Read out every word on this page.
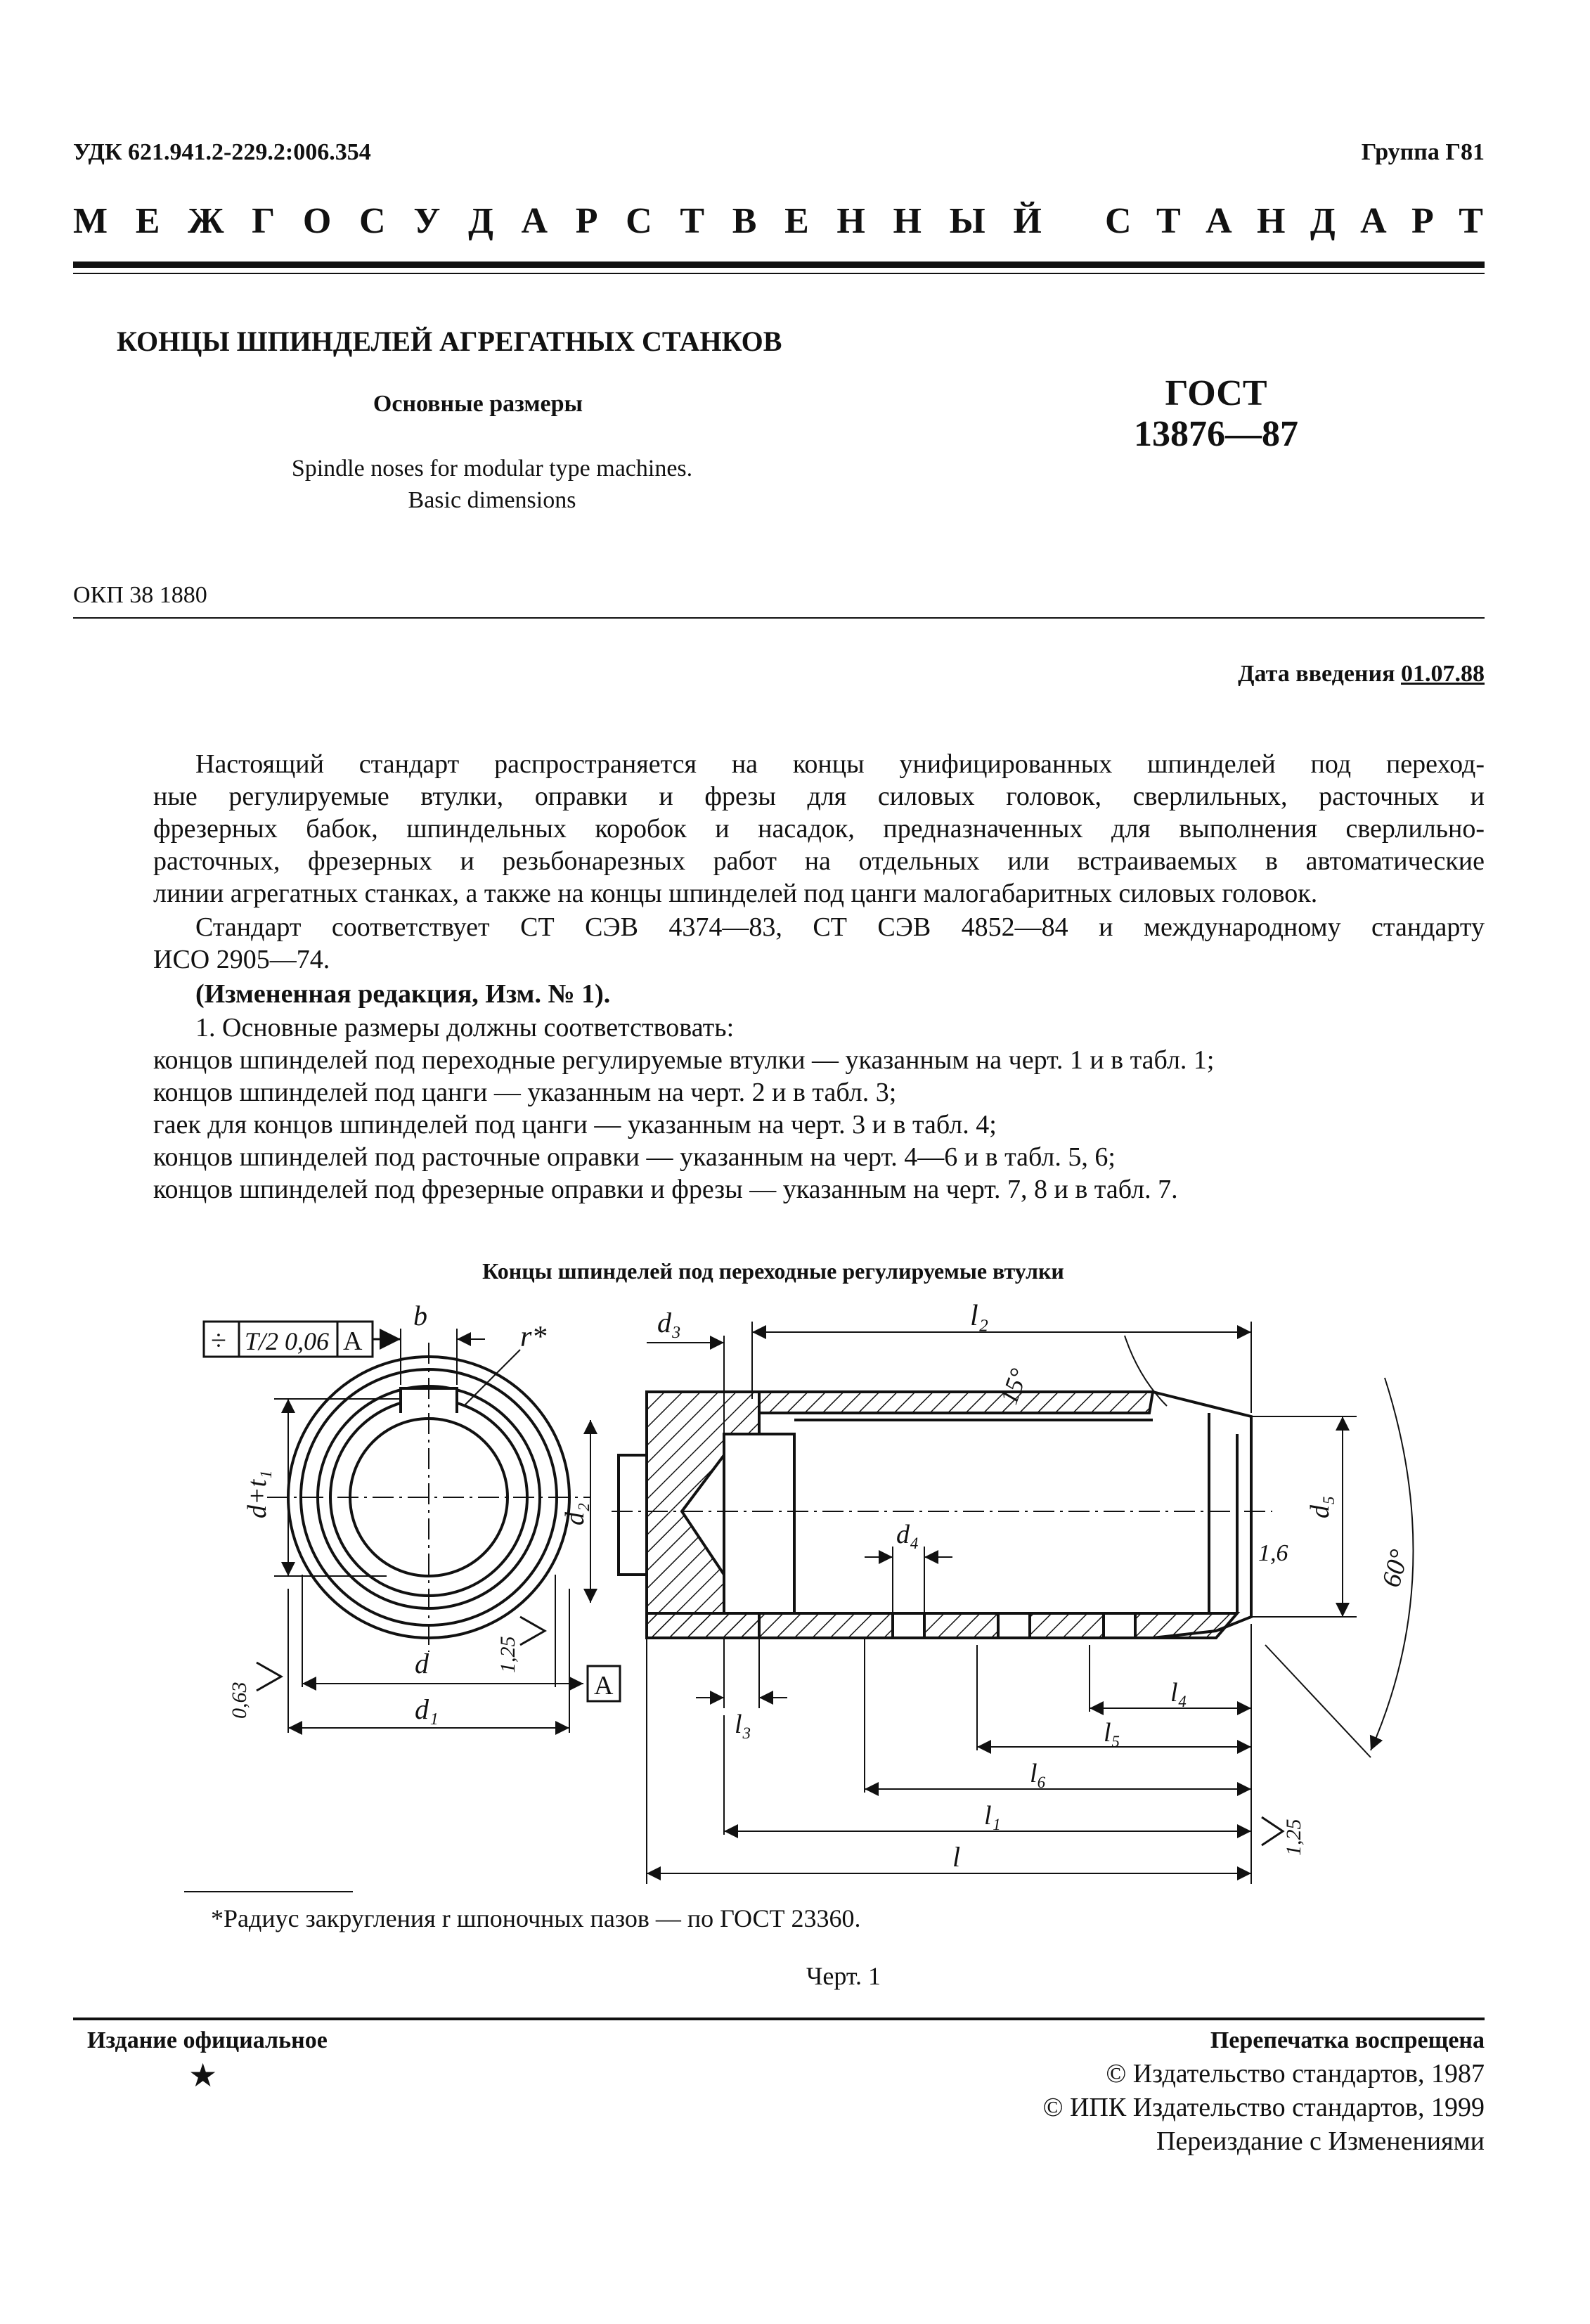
УДК 621.941.2-229.2:006.354	Группа Г81
М Е Ж Г О С У Д А Р С Т В Е Н Н Ы Й С Т А Н Д А Р Т
КОНЦЫ ШПИНДЕЛЕЙ АГРЕГАТНЫХ СТАНКОВ
Основные размеры
Spindle noses for modular type machines.
Basic dimensions
ГОСТ
13876—87
ОКП 38 1880
Дата введения 01.07.88
Настоящий стандарт распространяется на концы унифицированных шпинделей под переход-
ные регулируемые втулки, оправки и фрезы для силовых головок, сверлильных, расточных и
фрезерных бабок, шпиндельных коробок и насадок, предназначенных для выполнения сверлильно-
расточных, фрезерных и резьбонарезных работ на отдельных или встраиваемых в автоматические
линии агрегатных станках, а также на концы шпинделей под цанги малогабаритных силовых головок.
Стандарт соответствует СТ СЭВ 4374—83, СТ СЭВ 4852—84 и международному стандарту
ИСО 2905—74.
(Измененная редакция, Изм. № 1).
1. Основные размеры должны соответствовать:
концов шпинделей под переходные регулируемые втулки — указанным на черт. 1 и в табл. 1;
концов шпинделей под цанги — указанным на черт. 2 и в табл. 3;
гаек для концов шпинделей под цанги — указанным на черт. 3 и в табл. 4;
концов шпинделей под расточные оправки — указанным на черт. 4—6 и в табл. 5, 6;
концов шпинделей под фрезерные оправки и фрезы — указанным на черт. 7, 8 и в табл. 7.
Концы шпинделей под переходные регулируемые втулки
÷ T/2 0,06 A
b
r*
d+t₁
d
d₁
0,63
1,25
A
d₃	l₂
15°
d₂
d₄
d₅
1,6	60°
l₃
l₄
l₅
l₆
l₁
l
1,25
*Радиус закругления r шпоночных пазов — по ГОСТ 23360.
Черт. 1
Издание официальное
★
Перепечатка воспрещена
© Издательство стандартов, 1987
© ИПК Издательство стандартов, 1999
Переиздание с Изменениями
